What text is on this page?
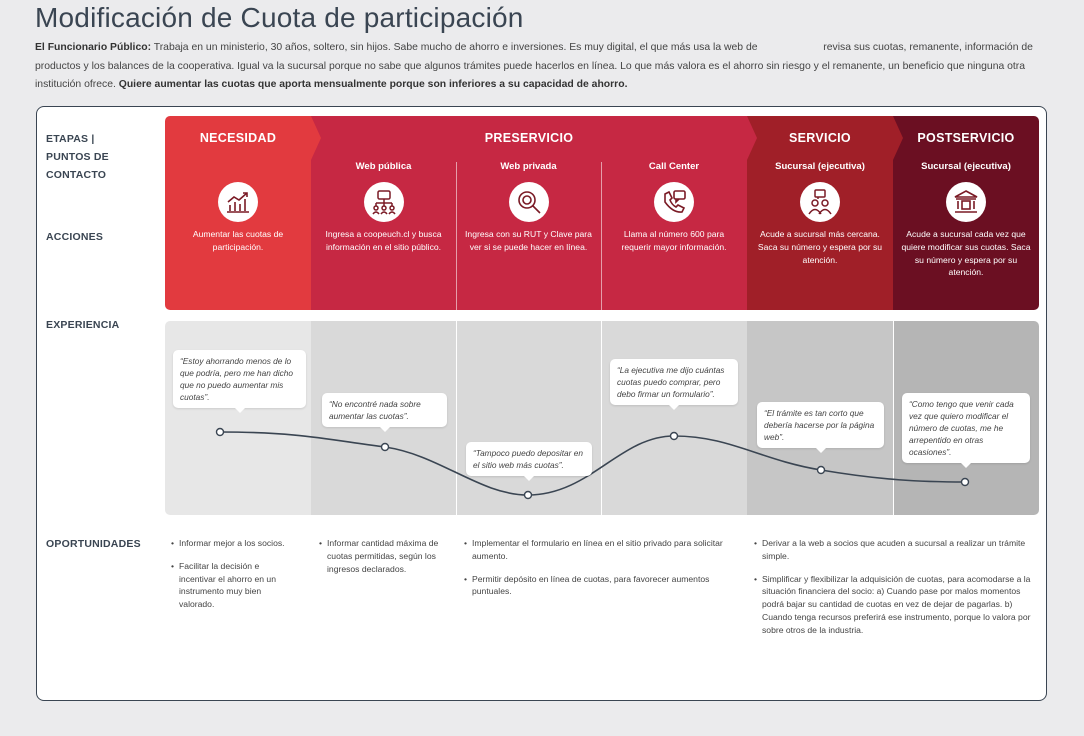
Modificación de Cuota de participación
El Funcionario Público: Trabaja en un ministerio, 30 años, soltero, sin hijos. Sabe mucho de ahorro e inversiones. Es muy digital, el que más usa la web de	revisa sus cuotas, remanente, información de productos y los balances de la cooperativa. Igual va la sucursal porque no sabe que algunos trámites puede hacerlos en línea. Lo que más valora es el ahorro sin riesgo y el remanente, un beneficio que ninguna otra institución ofrece. Quiere aumentar las cuotas que aporta mensualmente porque son inferiores a su capacidad de ahorro.
ETAPAS |
PUNTOS DE
CONTACTO
ACCIONES
EXPERIENCIA
OPORTUNIDADES
NECESIDAD	PRESERVICIO	SERVICIO	POSTSERVICIO
Aumentar las cuotas de participación.
Web pública
Ingresa a coopeuch.cl y busca información en el sitio público.
Web privada
Ingresa con su RUT y Clave para ver si se puede hacer en línea.
Call Center
Llama al número 600 para requerir mayor información.
Sucursal (ejecutiva)
Acude a sucursal más cercana. Saca su número y espera por su atención.
Sucursal (ejecutiva)
Acude a sucursal cada vez que quiere modificar sus cuotas. Saca su número y espera por su atención.
“Estoy ahorrando menos de lo que podría, pero me han dicho que no puedo aumentar mis cuotas”.
“No encontré nada sobre aumentar las cuotas”.
“Tampoco puedo depositar en el sitio web más cuotas”.
“La ejecutiva me dijo cuántas cuotas puedo comprar, pero debo firmar un formulario”.
“El trámite es tan corto que debería hacerse por la página web”.
“Como tengo que venir cada vez que quiero modificar el número de cuotas, me he arrepentido en otras ocasiones”.
• Informar mejor a los socios.
• Facilitar la decisión e incentivar el ahorro en un instrumento muy bien valorado.
• Informar cantidad máxima de cuotas permitidas, según los ingresos declarados.
• Implementar el formulario en línea en el sitio privado para solicitar aumento.
• Permitir depósito en línea de cuotas, para favorecer aumentos puntuales.
• Derivar a la web a socios que acuden a sucursal a realizar un trámite simple.
• Simplificar y flexibilizar la adquisición de cuotas, para acomodarse a la situación financiera del socio: a) Cuando pase por malos momentos podrá bajar su cantidad de cuotas en vez de dejar de pagarlas. b) Cuando tenga recursos preferirá ese instrumento, porque lo valora por sobre otros de la industria.
